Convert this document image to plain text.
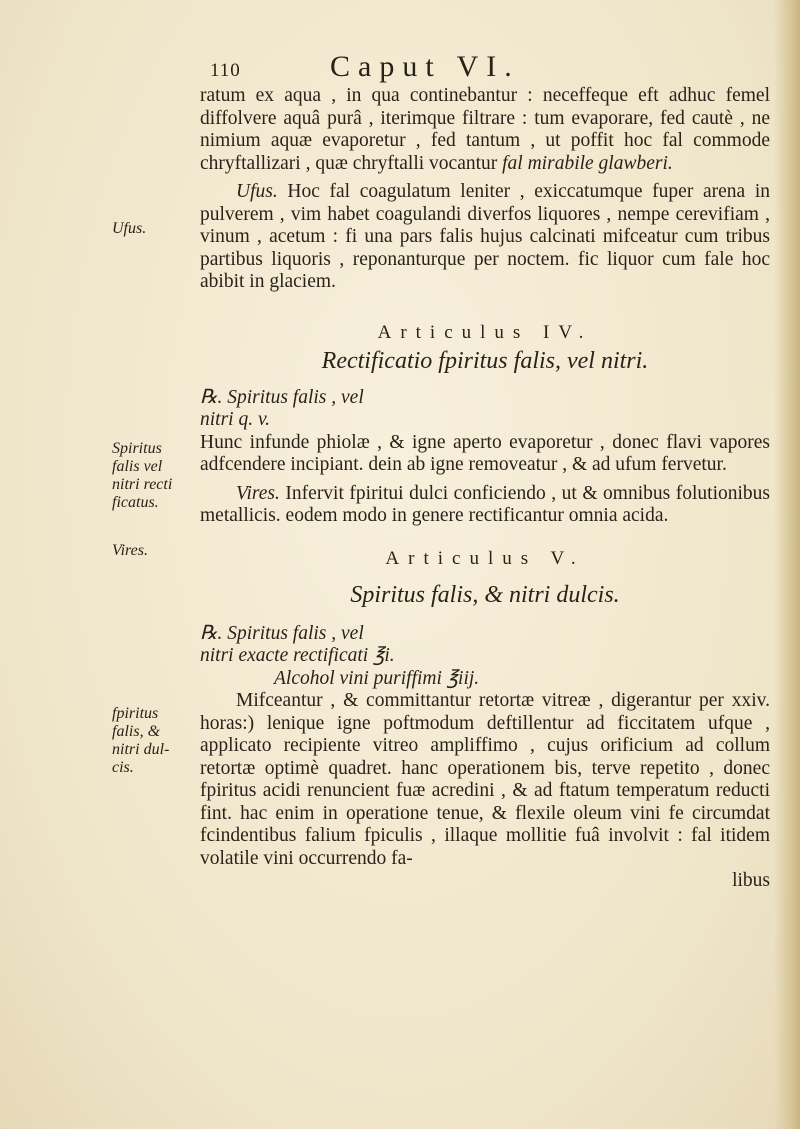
110	Caput VI.
Ufus.
Spiritus
falis vel
nitri recti
ficatus.
Vires.
fpiritus
falis, &
nitri dul-
cis.

ratum ex aqua , in qua continebantur : neceffeque eft adhuc femel diffolvere aquâ purâ , iterimque filtrare : tum evaporare, fed cautè , ne nimium aquæ evaporetur , fed tantum , ut poffit hoc fal commode chryftallizari , quæ chryftalli vocantur fal mirabile glawberi.

Ufus. Hoc fal coagulatum leniter , exiccatumque fuper arena in pulverem , vim habet coagulandi diverfos liquores , nempe cerevifiam , vinum , acetum : fi una pars falis hujus calcinati mifceatur cum tribus partibus liquoris , reponanturque per noctem. fic liquor cum fale hoc abibit in glaciem.

Articulus IV.

Rectificatio fpiritus falis, vel nitri.

℞. Spiritus falis , vel

nitri q. v.

Hunc infunde phiolæ , & igne aperto evaporetur , donec flavi vapores adfcendere incipiant. dein ab igne removeatur , & ad ufum fervetur.

Vires. Infervit fpiritui dulci conficiendo , ut & omnibus folutionibus metallicis. eodem modo in genere rectificantur omnia acida.

Articulus V.

Spiritus falis, & nitri dulcis.

℞. Spiritus falis , vel

nitri exacte rectificati ℥i.

Alcohol vini puriffimi ℥iij.

Mifceantur , & committantur retortæ vitreæ , digerantur per xxiv. horas:) lenique igne poftmodum deftillentur ad ficcitatem ufque , applicato recipiente vitreo ampliffimo , cujus orificium ad collum retortæ optimè quadret. hanc operationem bis, terve repetito , donec fpiritus acidi renuncient fuæ acredini , & ad ftatum temperatum reducti fint. hac enim in operatione tenue, & flexile oleum vini fe circumdat fcindentibus falium fpiculis , illaque mollitie fuâ involvit : fal itidem volatile vini occurrendo fa-

libus
